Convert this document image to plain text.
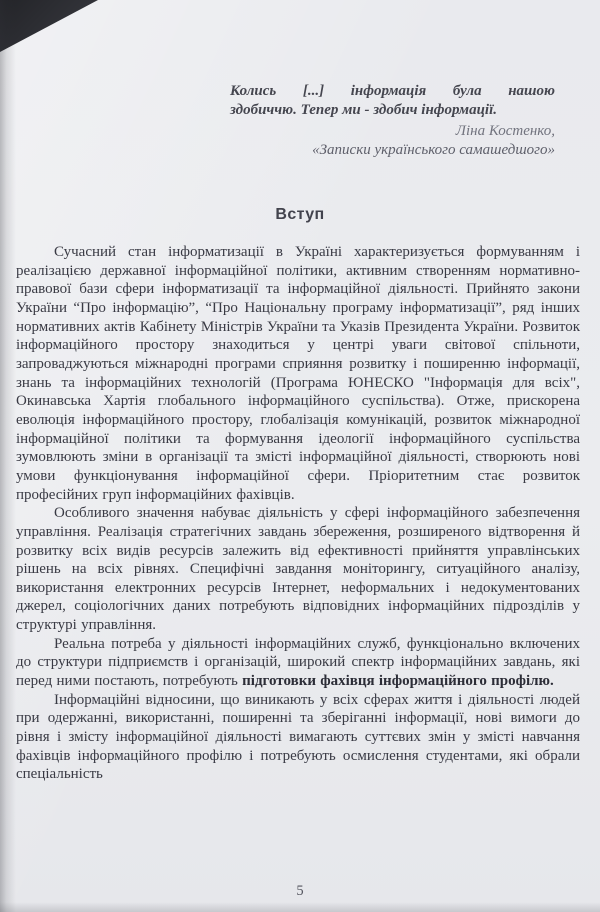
Колись [...] інформація була нашою
здобиччю. Тепер ми - здобич інформації.
Ліна Костенко,
«Записки українського самашедшого»
Вступ

Сучасний стан інформатизації в Україні характеризується формуванням і реалізацією державної інформаційної політики, активним створенням нормативно-правової бази сфери інформатизації та інформаційної діяльності. Прийнято закони України “Про інформацію”, “Про Національну програму інформатизації”, ряд інших нормативних актів Кабінету Міністрів України та Указів Президента України. Розвиток інформаційного простору знаходиться у центрі уваги світової спільноти, запроваджуються міжнародні програми сприяння розвитку і поширенню інформації, знань та інформаційних технологій (Програма ЮНЕСКО "Інформація для всіх", Окинавська Хартія глобального інформаційного суспільства). Отже, прискорена еволюція інформаційного простору, глобалізація комунікацій, розвиток міжнародної інформаційної політики та формування ідеології інформаційного суспільства зумовлюють зміни в організації та змісті інформаційної діяльності, створюють нові умови функціонування інформаційної сфери. Пріоритетним стає розвиток професійних груп інформаційних фахівців.

Особливого значення набуває діяльність у сфері інформаційного забезпечення управління. Реалізація стратегічних завдань збереження, розширеного відтворення й розвитку всіх видів ресурсів залежить від ефективності прийняття управлінських рішень на всіх рівнях. Специфічні завдання моніторингу, ситуаційного аналізу, використання електронних ресурсів Інтернет, неформальних і недокументованих джерел, соціологічних даних потребують відповідних інформаційних підрозділів у структурі управління.

Реальна потреба у діяльності інформаційних служб, функціонально включених до структури підприємств і організацій, широкий спектр інформаційних завдань, які перед ними постають, потребують підготовки фахівця інформаційного профілю.

Інформаційні відносини, що виникають у всіх сферах життя і діяльності людей при одержанні, використанні, поширенні та зберіганні інформації, нові вимоги до рівня і змісту інформаційної діяльності вимагають суттєвих змін у змісті навчання фахівців інформаційного профілю і потребують осмислення студентами, які обрали спеціальність

5
